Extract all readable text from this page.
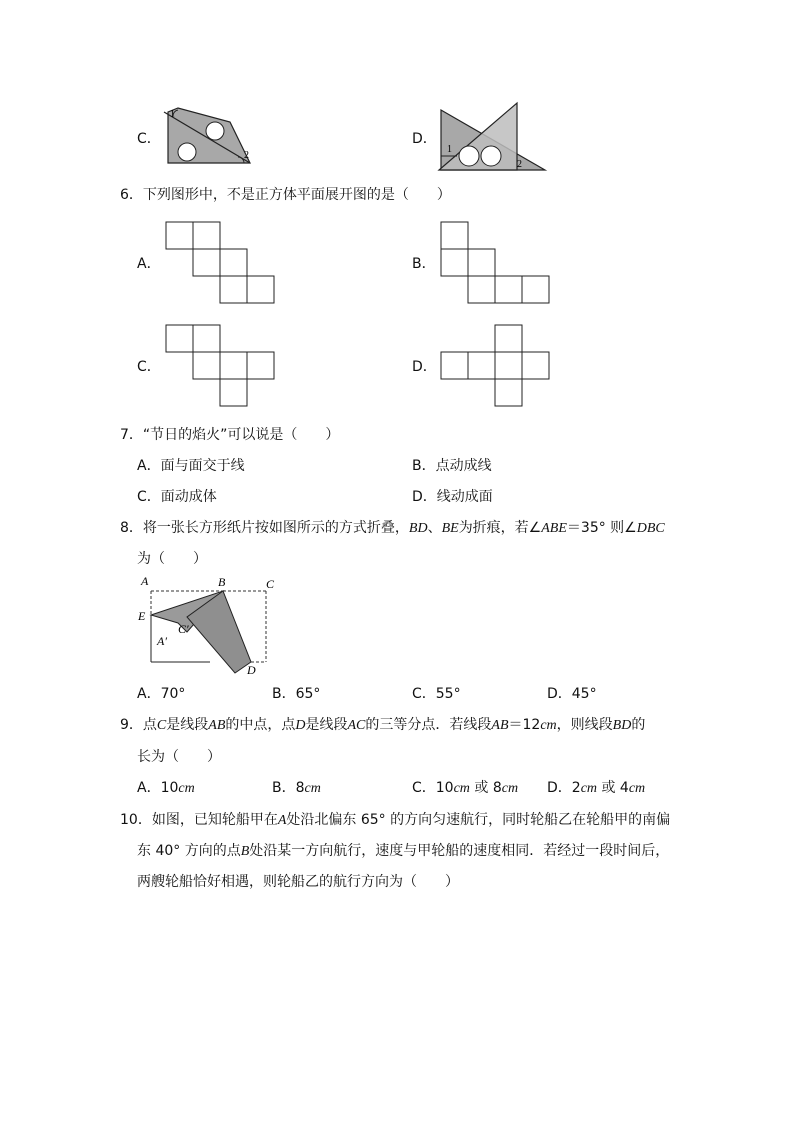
C．
1
2
D．
1
2
6．下列图形中，不是正方体平面展开图的是（　　）
A．	B．
C．	D．
7．“节日的焰火”可以说是（　　）
A．面与面交于线	B．点动成线
C．面动成体	D．线动成面
8．将一张长方形纸片按如图所示的方式折叠，BD、BE为折痕，若∠ABE＝35° 则∠DBC
为（　　）
A	B	C
E
C′
A′
D
A．70°	B．65°	C．55°	D．45°
9．点C是线段AB的中点，点D是线段AC的三等分点．若线段AB＝12cm，则线段BD的
长为（　　）
A．10cm	B．8cm	C．10cm 或 8cm D．2cm 或 4cm
10．如图，已知轮船甲在A处沿北偏东 65° 的方向匀速航行，同时轮船乙在轮船甲的南偏
东 40° 方向的点B处沿某一方向航行，速度与甲轮船的速度相同．若经过一段时间后，
两艘轮船恰好相遇，则轮船乙的航行方向为（　　）
